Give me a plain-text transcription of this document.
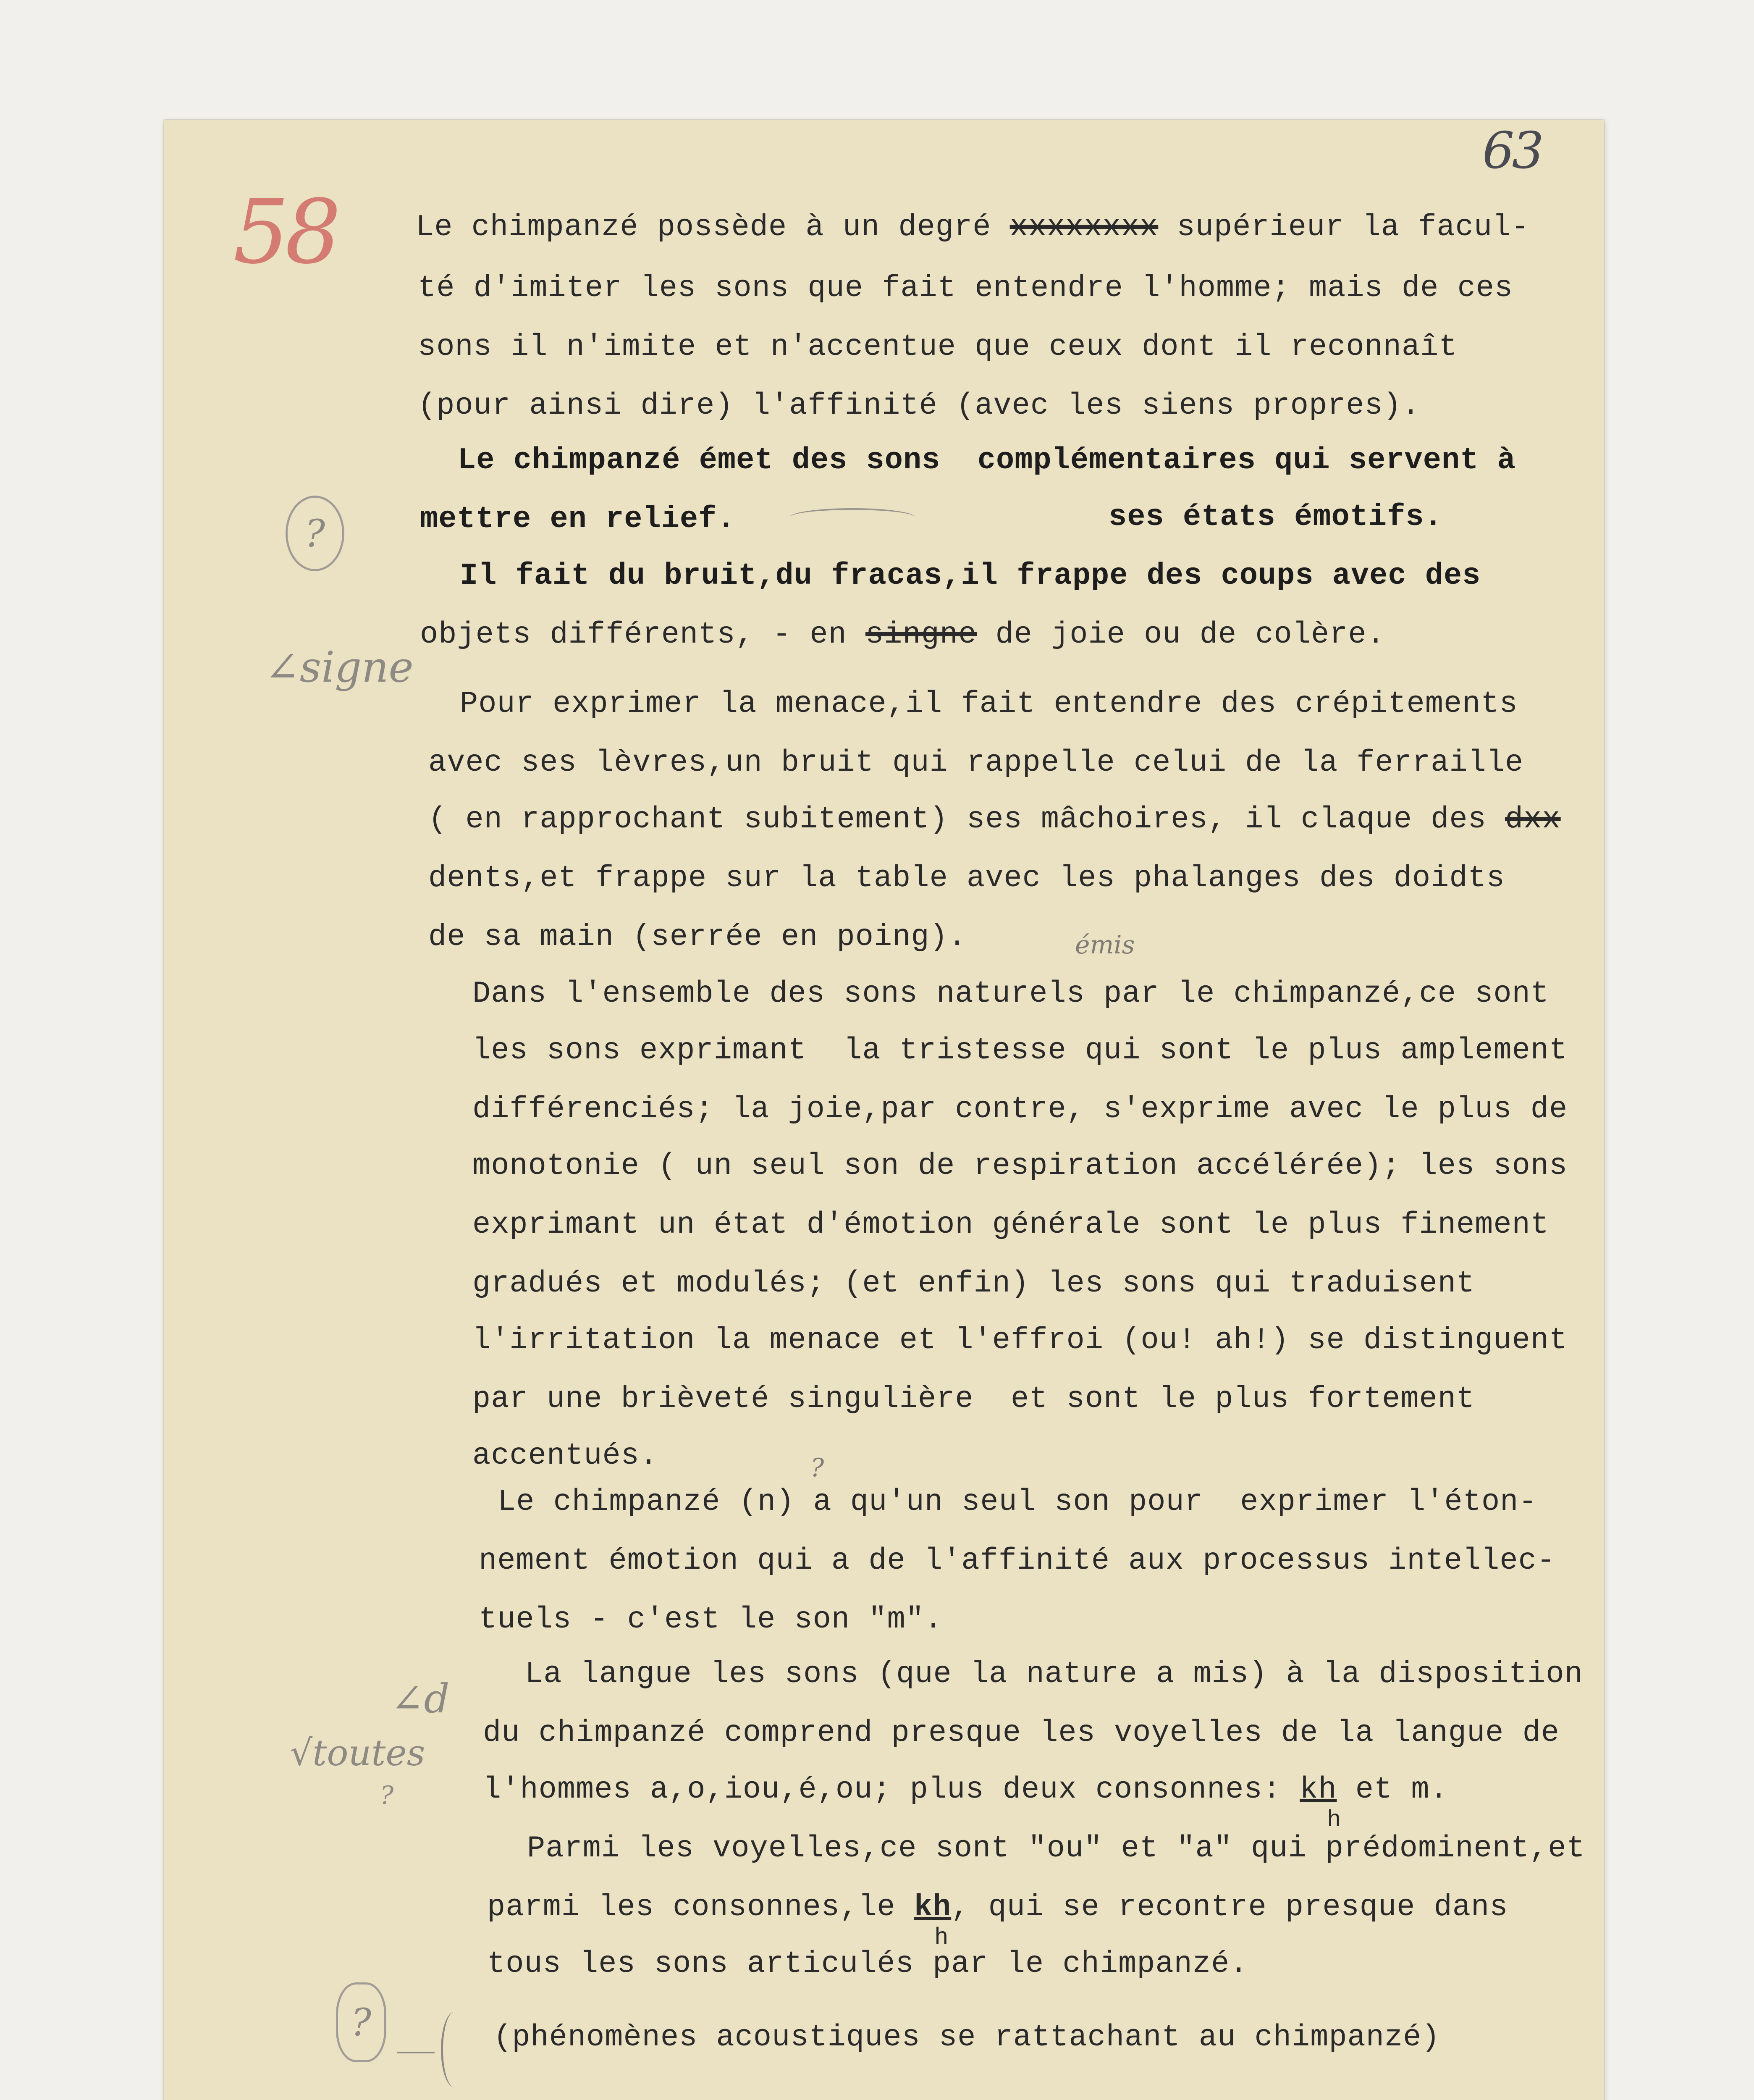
63
58
?
∠signe
∠d
√toutes
?
?
Le chimpanzé possède à un degré xxxxxxxx supérieur la facul-
té d'imiter les sons que fait entendre l'homme; mais de ces
sons il n'imite et n'accentue que ceux dont il reconnaît
(pour ainsi dire) l'affinité (avec les siens propres).
Le chimpanzé émet des sons  complémentaires qui servent à
mettre en relief.	ses états émotifs.
Il fait du bruit,du fracas,il frappe des coups avec des
objets différents, - en singne de joie ou de colère.
Pour exprimer la menace,il fait entendre des crépitements
avec ses lèvres,un bruit qui rappelle celui de la ferraille
( en rapprochant subitement) ses mâchoires, il claque des dxx
dents,et frappe sur la table avec les phalanges des doidts
de sa main (serrée en poing).	émis
Dans l'ensemble des sons naturels par le chimpanzé,ce sont
les sons exprimant  la tristesse qui sont le plus amplement
différenciés; la joie,par contre, s'exprime avec le plus de
monotonie ( un seul son de respiration accélérée); les sons
exprimant un état d'émotion générale sont le plus finement
gradués et modulés; (et enfin) les sons qui traduisent
l'irritation la menace et l'effroi (ou! ah!) se distinguent
par une brièveté singulière  et sont le plus fortement
accentués.	?
Le chimpanzé (n) a qu'un seul son pour  exprimer l'éton-
nement émotion qui a de l'affinité aux processus intellec-
tuels - c'est le son "m".
La langue les sons (que la nature a mis) à la disposition
du chimpanzé comprend presque les voyelles de la langue de
l'hommes a,o,iou,é,ou; plus deux consonnes: kh et m.
h
Parmi les voyelles,ce sont "ou" et "a" qui prédominent,et
parmi les consonnes,le kh, qui se recontre presque dans
h
tous les sons articulés par le chimpanzé.
(phénomènes acoustiques se rattachant au chimpanzé)
